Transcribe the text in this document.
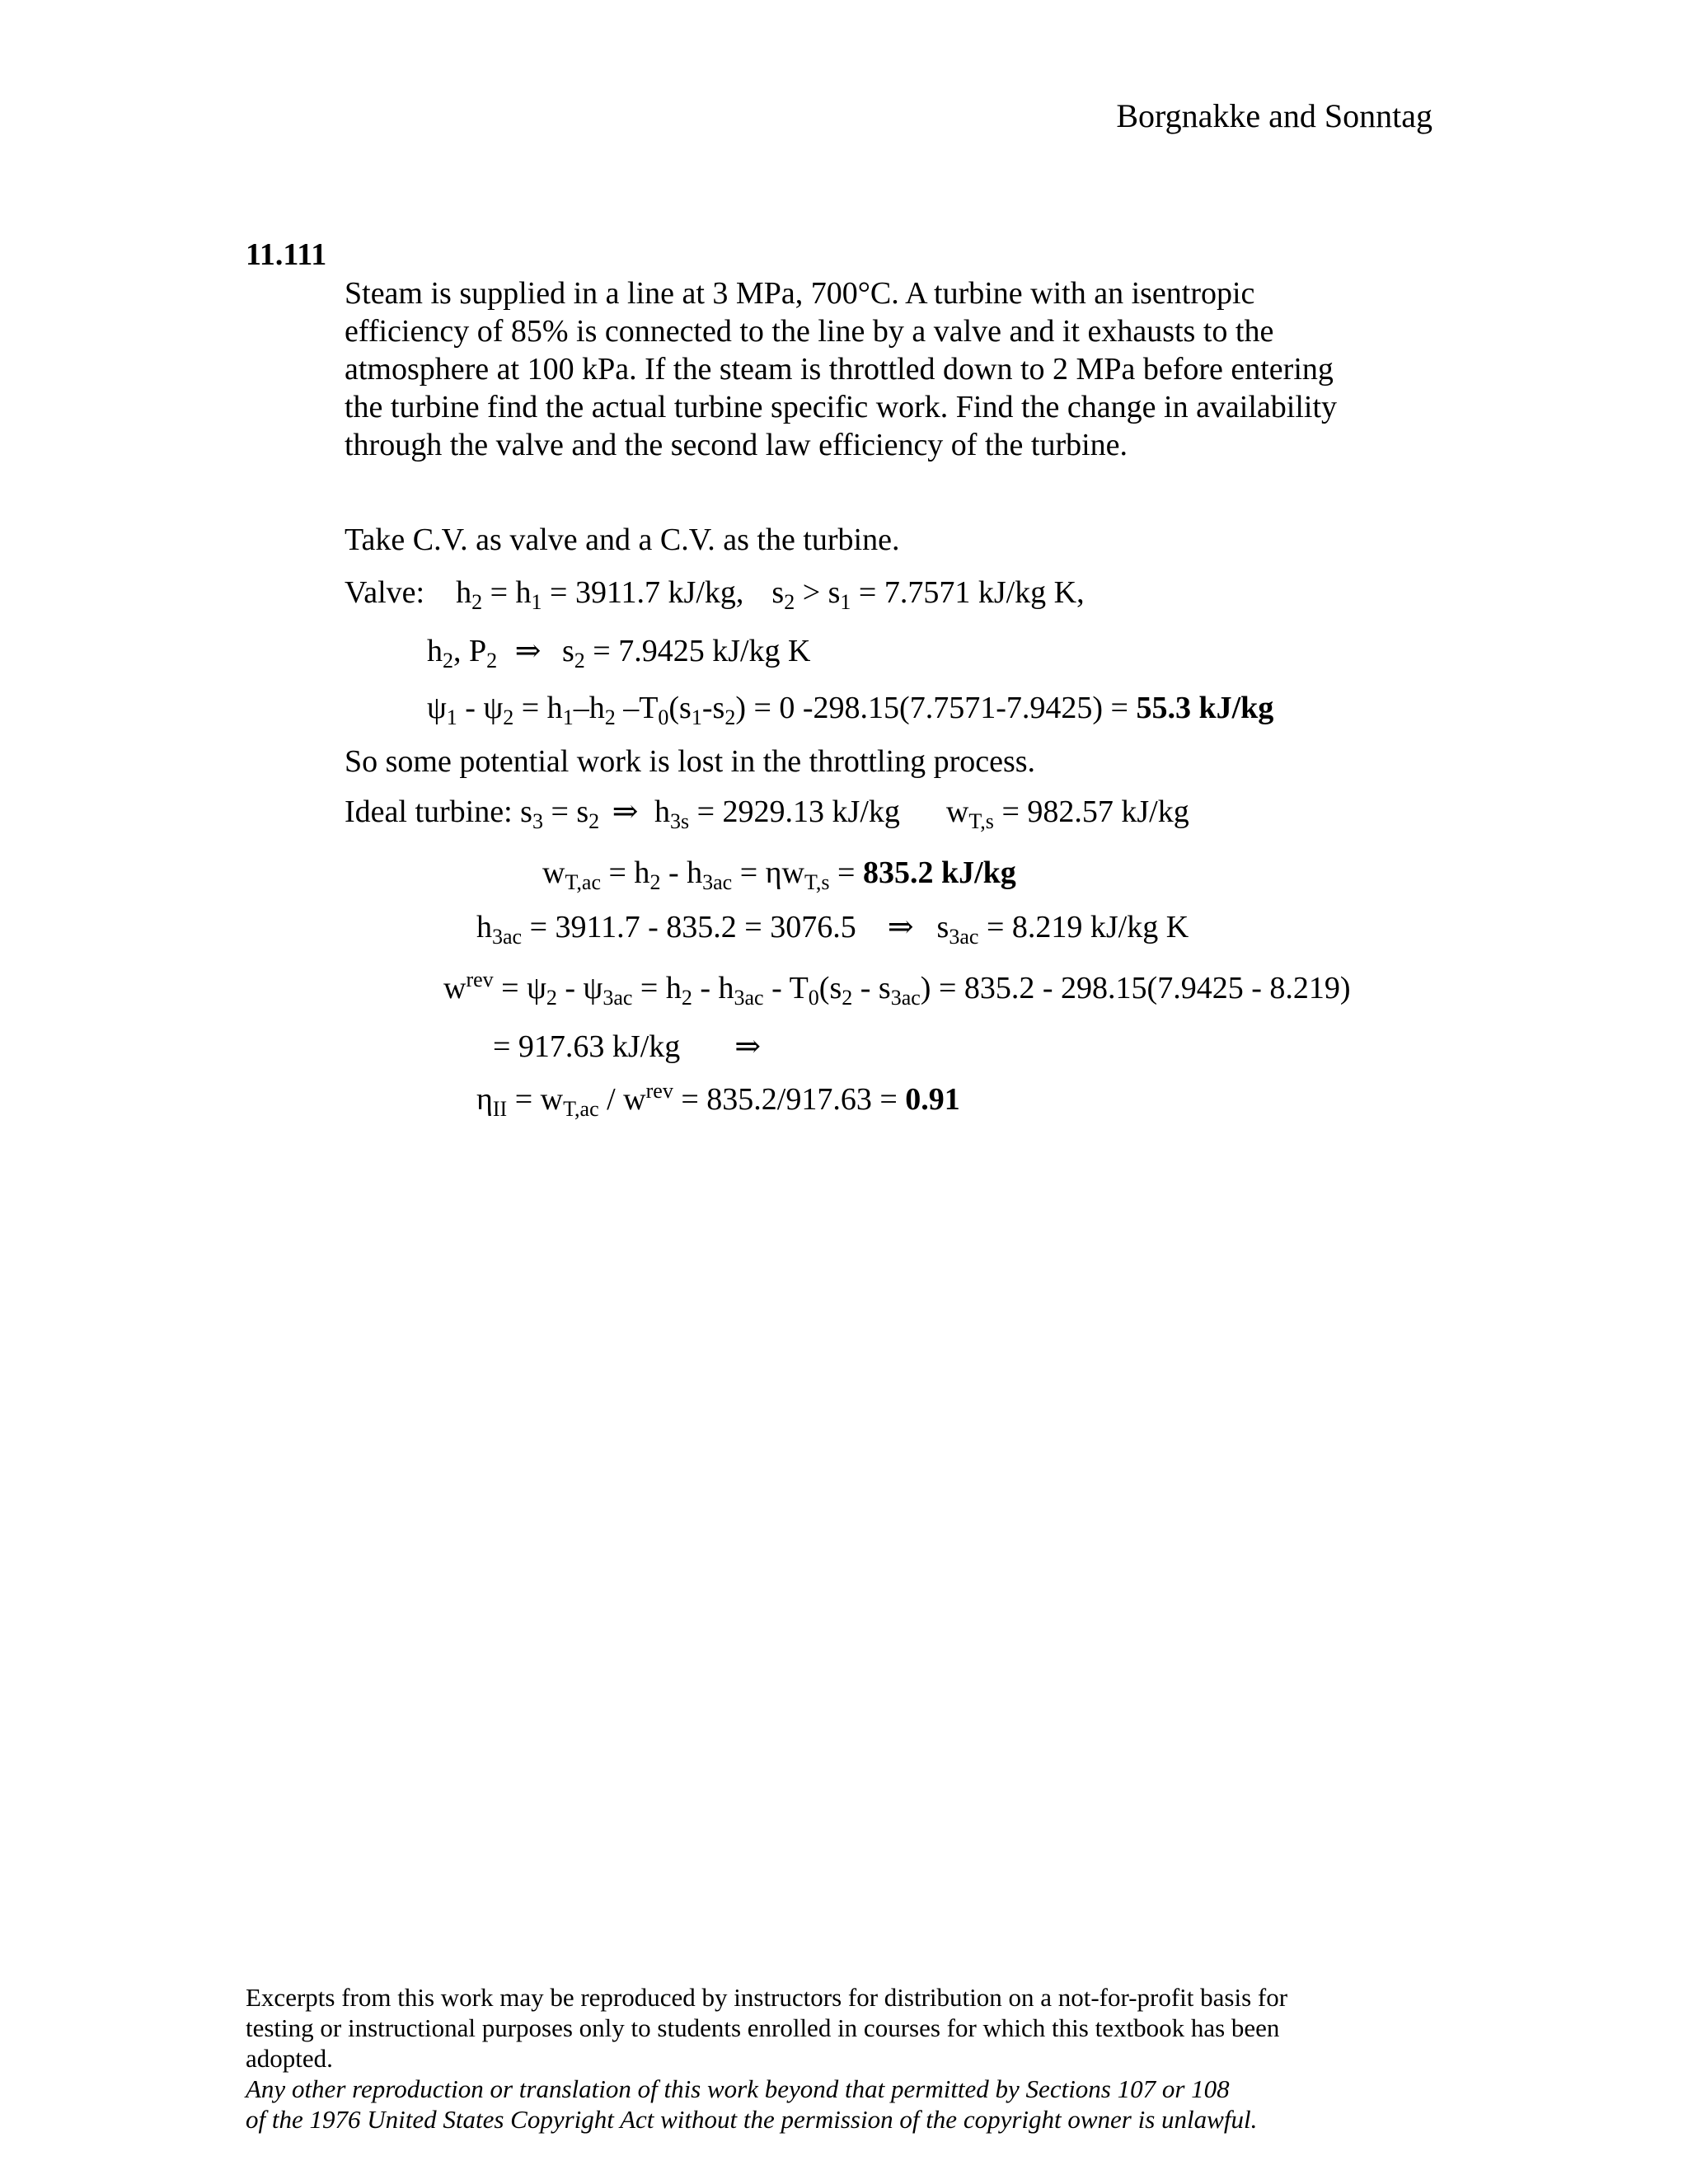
Borgnakke and Sonntag
11.111
Steam is supplied in a line at 3 MPa, 700°C. A turbine with an isentropic
efficiency of 85% is connected to the line by a valve and it exhausts to the
atmosphere at 100 kPa. If the steam is throttled down to 2 MPa before entering
the turbine find the actual turbine specific work. Find the change in availability
through the valve and the second law efficiency of the turbine.
Take C.V. as valve and a C.V. as the turbine.
Valve: $h_2 = h_1 = 3911.7$ kJ/kg, $s_2 > s_1 = 7.7571$ kJ/kg K,
$h_2$, $P_2$ ⇒ $s_2 = 7.9425$ kJ/kg K
$\psi_1 - \psi_2 = h_1-h_2$ $-T_0(s_1-s_2) = 0$ -298.15(7.7571-7.9425) = 55.3 kJ/kg
So some potential work is lost in the throttling process.
Ideal turbine: $s_3 = s_2$ ⇒ $h_{3s} = 2929.13$ kJ/kg $w_{T,s} = 982.57$ kJ/kg
$w_{T,ac} = h_2 - h_{3ac} = \eta w_{T,s} = 835.2$ kJ/kg
$h_{3ac} = 3911.7 - 835.2 = 3076.5$ ⇒ $s_{3ac} = 8.219$ kJ/kg K
$w^{rev} = \psi_2 - \psi_{3ac} = h_2 - h_{3ac} - T_0(s_2 - s_{3ac}) = 835.2 - 298.15(7.9425 - 8.219)$
= 917.63 kJ/kg ⇒
$\eta_{II} = w_{T,ac} / w^{rev} = 835.2/917.63 = 0.91$
Excerpts from this work may be reproduced by instructors for distribution on a not-for-profit basis for
testing or instructional purposes only to students enrolled in courses for which this textbook has been
adopted.
Any other reproduction or translation of this work beyond that permitted by Sections 107 or 108
of the 1976 United States Copyright Act without the permission of the copyright owner is unlawful.
